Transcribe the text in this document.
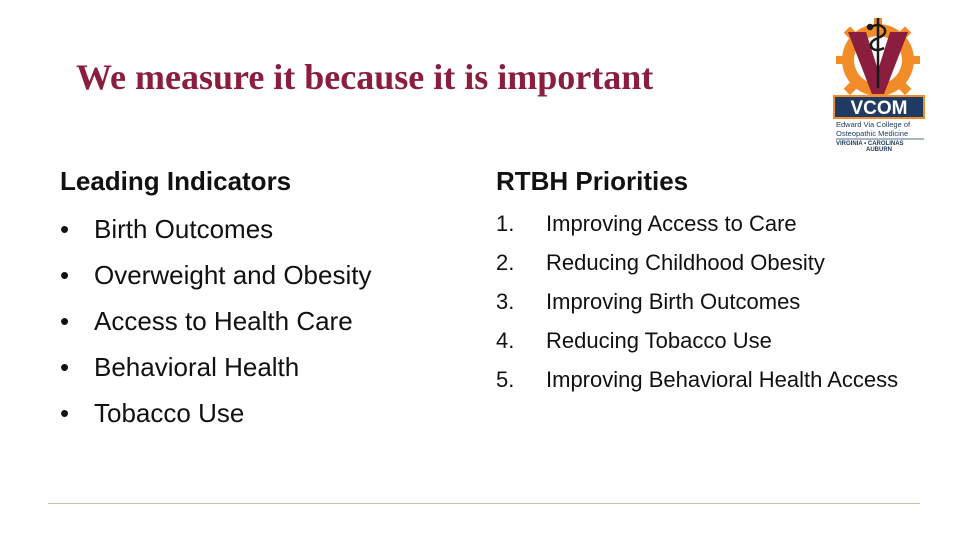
We measure it because it is important
VCOM
Edward Via College of
Osteopathic Medicine
VIRGINIA • CAROLINAS
AUBURN
Leading Indicators
• Birth Outcomes
• Overweight and Obesity
• Access to Health Care
• Behavioral Health
• Tobacco Use
RTBH Priorities
1.	Improving Access to Care
2.	Reducing Childhood Obesity
3.	Improving Birth Outcomes
4.	Reducing Tobacco Use
5.	Improving Behavioral Health Access
